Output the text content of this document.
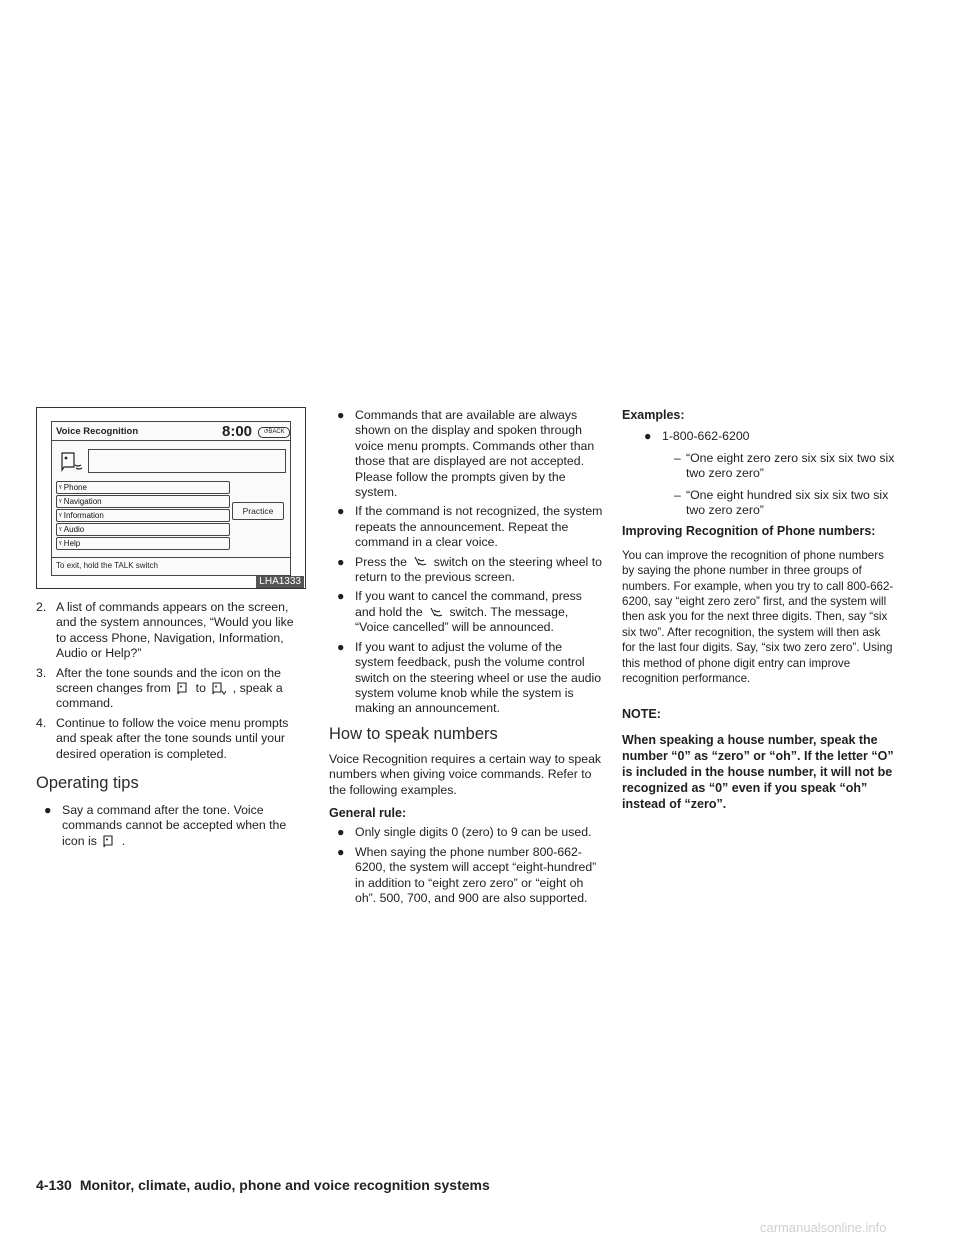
Voice Recognition	8:00	↺BACK
ᵞ Phone
ᵞ Navigation
ᵞ Information
ᵞ Audio
ᵞ Help
Practice
To exit, hold the TALK switch
LHA1333
2. A list of commands appears on the screen, and the system announces, “Would you like to access Phone, Navigation, Information, Audio or Help?”
3. After the tone sounds and the icon on the screen changes from to , speak a command.
4. Continue to follow the voice menu prompts and speak after the tone sounds until your desired operation is completed.
Operating tips
● Say a command after the tone. Voice commands cannot be accepted when the icon is .
● Commands that are available are always shown on the display and spoken through voice menu prompts. Commands other than those that are displayed are not accepted. Please follow the prompts given by the system.
● If the command is not recognized, the system repeats the announcement. Repeat the command in a clear voice.
● Press the switch on the steering wheel to return to the previous screen.
● If you want to cancel the command, press and hold the switch. The message, “Voice cancelled” will be announced.
● If you want to adjust the volume of the system feedback, push the volume control switch on the steering wheel or use the audio system volume knob while the system is making an announcement.
How to speak numbers

Voice Recognition requires a certain way to speak numbers when giving voice commands. Refer to the following examples.

General rule:

● Only single digits 0 (zero) to 9 can be used.
● When saying the phone number 800-662-6200, the system will accept “eight-hundred” in addition to “eight zero zero” or “eight oh oh”. 500, 700, and 900 are also supported.

Examples:

● 1-800-662-6200
– “One eight zero zero six six six two six two zero zero”
– “One eight hundred six six six two six two zero zero”

Improving Recognition of Phone numbers:

You can improve the recognition of phone numbers by saying the phone number in three groups of numbers. For example, when you try to call 800-662-6200, say “eight zero zero” first, and the system will then ask you for the next three digits. Then, say “six six two”. After recognition, the system will then ask for the last four digits. Say, “six two zero zero”. Using this method of phone digit entry can improve recognition performance.

NOTE:

When speaking a house number, speak the number “0” as “zero” or “oh”. If the letter “O” is included in the house number, it will not be recognized as “0” even if you speak “oh” instead of “zero”.

4-130 Monitor, climate, audio, phone and voice recognition systems
carmanualsonline.info
